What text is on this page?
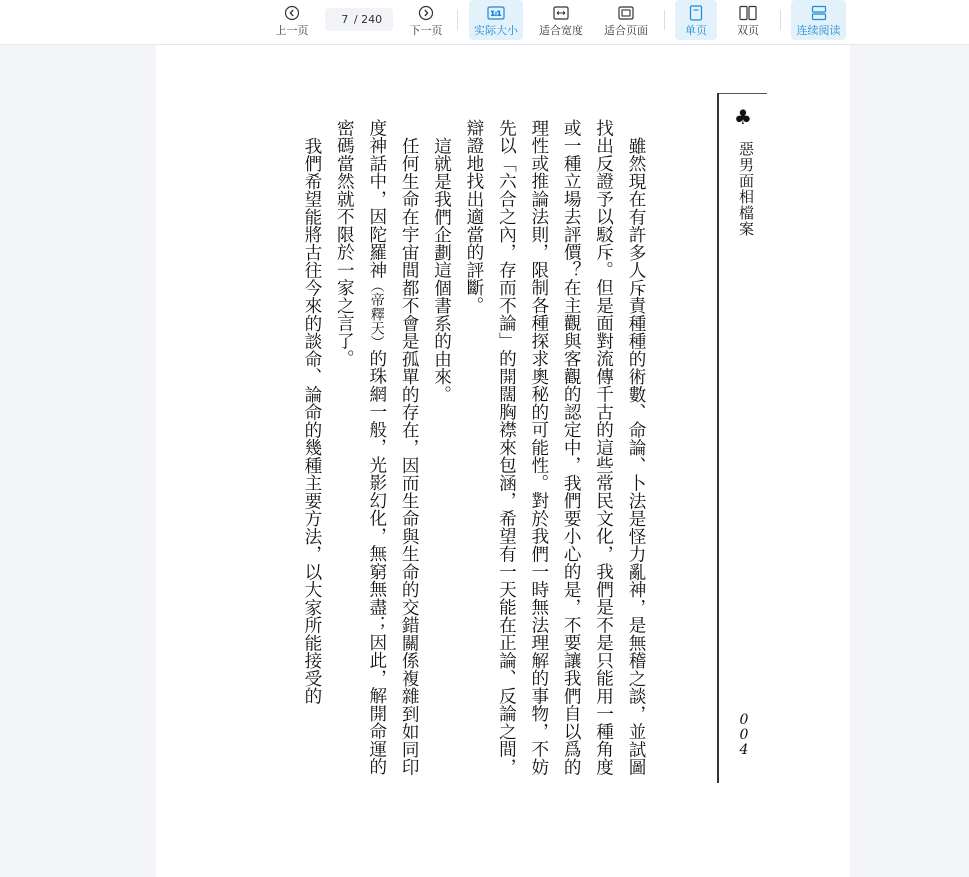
上一页
7
/ 240
下一页
1:1
实际大小 适合宽度 适合页面	单页	双页	连续阅读
♣
惡男面相檔案
004

雖然現在有許多人斥責種種的術數、命論、卜法是怪力亂神，是無稽之談，並試圖找出反證予以駁斥。但是面對流傳千古的這些常民文化，我們是不是只能用一種角度或一種立場去評價？在主觀與客觀的認定中，我們要小心的是，不要讓我們自以爲的理性或推論法則，限制各種探求奧秘的可能性。對於我們一時無法理解的事物，不妨先以「六合之內，存而不論」的開闊胸襟來包涵，希望有一天能在正論、反論之間，辯證地找出適當的評斷。

這就是我們企劃這個書系的由來。

任何生命在宇宙間都不會是孤單的存在，因而生命與生命的交錯關係複雜到如同印度神話中，因陀羅神（帝釋天）的珠網一般，光影幻化，無窮無盡；因此，解開命運的密碼當然就不限於一家之言了。

我們希望能將古往今來的談命、論命的幾種主要方法，以大家所能接受的
